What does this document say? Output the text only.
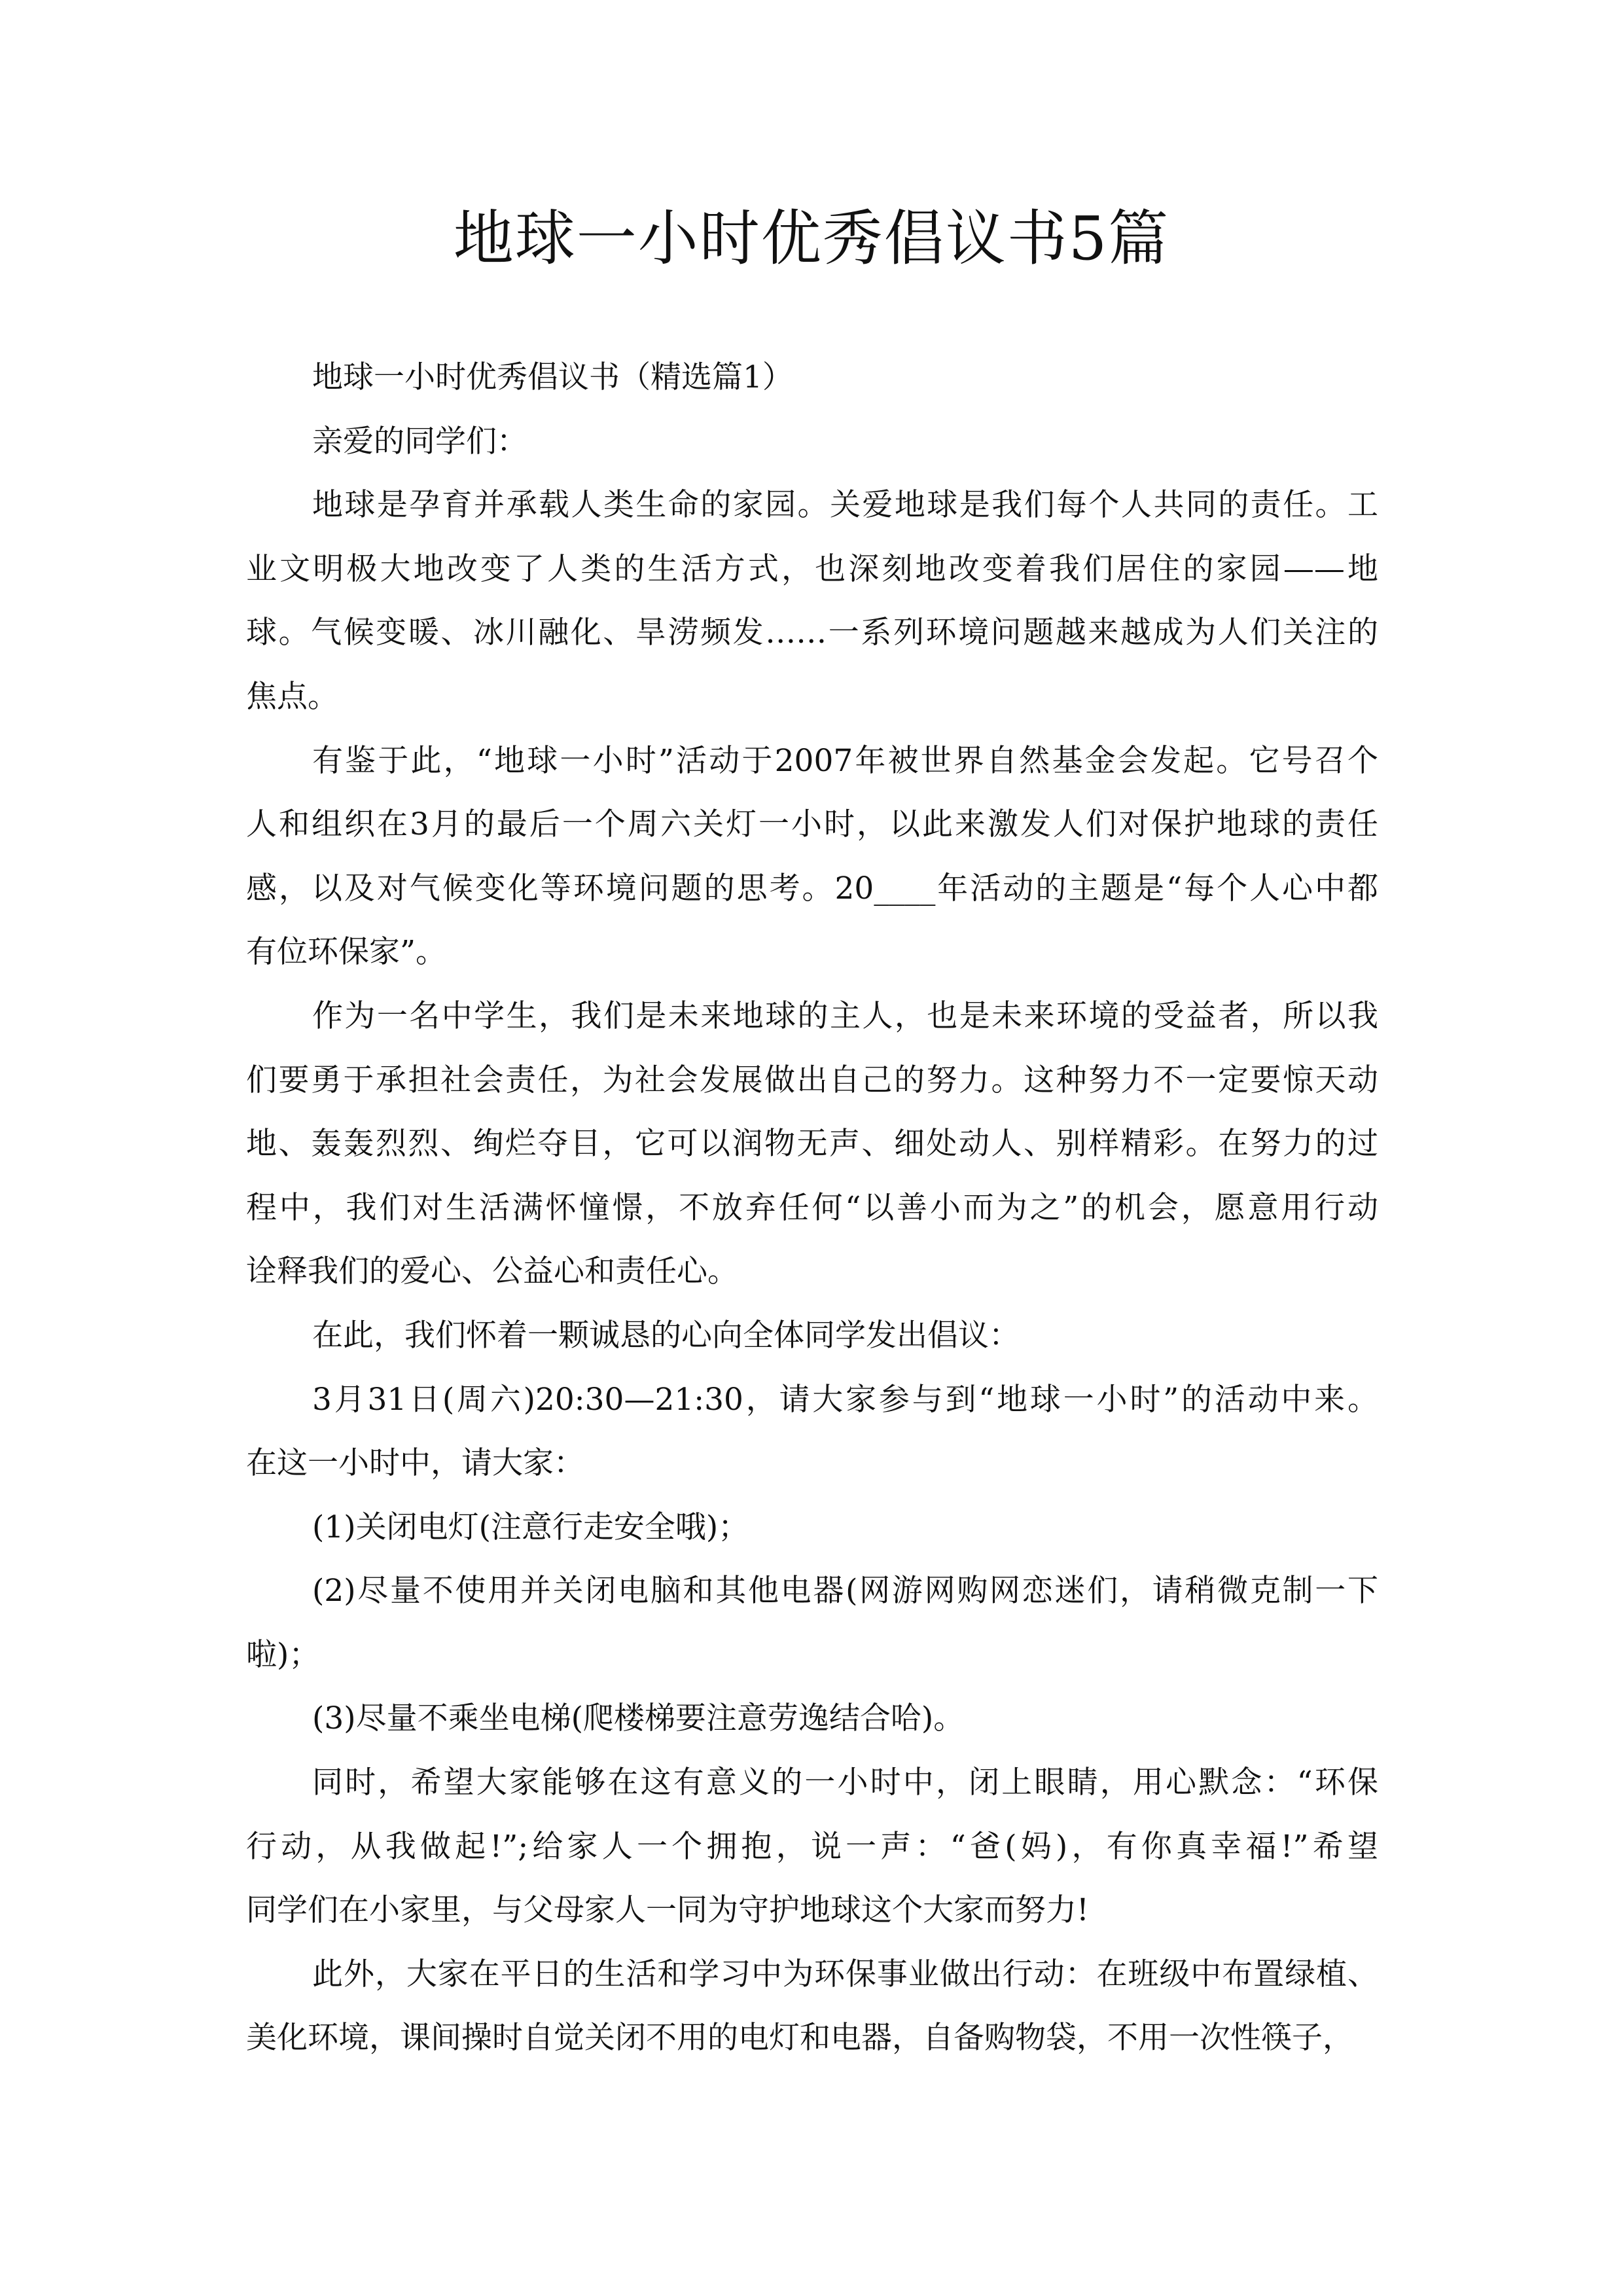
地球一小时优秀倡议书5篇
地球一小时优秀倡议书（精选篇1）
亲爱的同学们：
地球是孕育并承载人类生命的家园。关爱地球是我们每个人共同的责任。工
业文明极大地改变了人类的生活方式，也深刻地改变着我们居住的家园——地
球。气候变暖、冰川融化、旱涝频发……一系列环境问题越来越成为人们关注的
焦点。
有鉴于此，“地球一小时”活动于2007年被世界自然基金会发起。它号召个
人和组织在3月的最后一个周六关灯一小时，以此来激发人们对保护地球的责任
感，以及对气候变化等环境问题的思考。20____年活动的主题是“每个人心中都
有位环保家”。
作为一名中学生，我们是未来地球的主人，也是未来环境的受益者，所以我
们要勇于承担社会责任，为社会发展做出自己的努力。这种努力不一定要惊天动
地、轰轰烈烈、绚烂夺目，它可以润物无声、细处动人、别样精彩。在努力的过
程中，我们对生活满怀憧憬，不放弃任何“以善小而为之”的机会，愿意用行动
诠释我们的爱心、公益心和责任心。
在此，我们怀着一颗诚恳的心向全体同学发出倡议：
3月31日(周六)20:30—21:30，请大家参与到“地球一小时”的活动中来。
在这一小时中，请大家：
(1)关闭电灯(注意行走安全哦)；
(2)尽量不使用并关闭电脑和其他电器(网游网购网恋迷们，请稍微克制一下
啦)；
(3)尽量不乘坐电梯(爬楼梯要注意劳逸结合哈)。
同时，希望大家能够在这有意义的一小时中，闭上眼睛，用心默念：“环保
行动，从我做起!”;给家人一个拥抱，说一声：“爸(妈)，有你真幸福!”希望
同学们在小家里，与父母家人一同为守护地球这个大家而努力!
此外，大家在平日的生活和学习中为环保事业做出行动：在班级中布置绿植、
美化环境，课间操时自觉关闭不用的电灯和电器，自备购物袋，不用一次性筷子，
